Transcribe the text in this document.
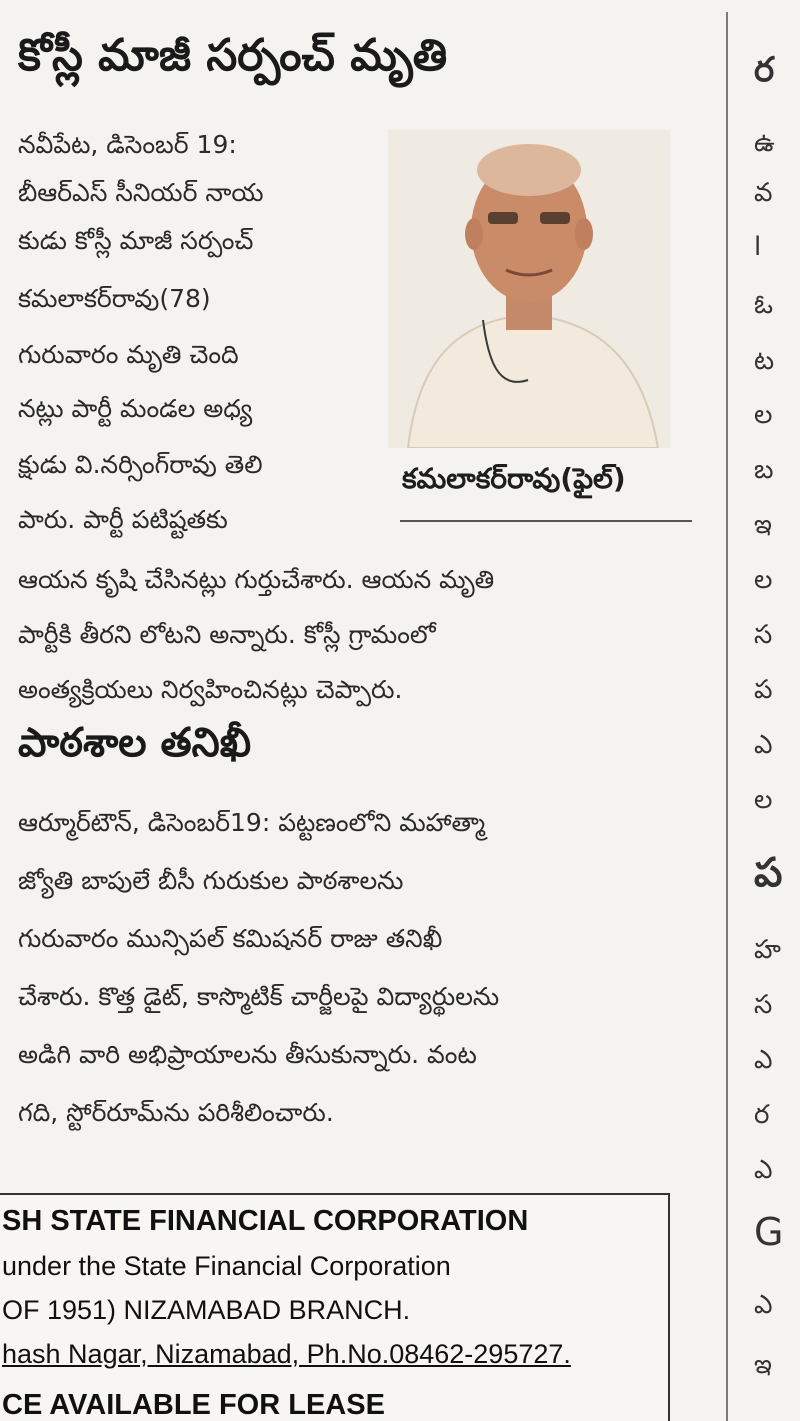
కోస్లీ మాజీ సర్పంచ్ మృతి
నవీపేట, డిసెంబర్ 19:
బీఆర్ఎస్ సీనియర్ నాయ
కుడు కోస్లీ మాజీ సర్పంచ్
కమలాకర్‌రావు(78)
గురువారం మృతి చెంది
నట్లు పార్టీ మండల అధ్య
క్షుడు వి.నర్సింగ్‌రావు తెలి
పారు. పార్టీ పటిష్టతకు
కమలాకర్‌రావు(ఫైల్)
ఆయన కృషి చేసినట్లు గుర్తుచేశారు. ఆయన మృతి
పార్టీకి తీరని లోటని అన్నారు. కోస్లీ గ్రామంలో
అంత్యక్రియలు నిర్వహించినట్లు చెప్పారు.
పాఠశాల తనిఖీ
ఆర్మూర్‌టౌన్, డిసెంబర్19: పట్టణంలోని మహాత్మా
జ్యోతి బాపులే బీసీ గురుకుల పాఠశాలను
గురువారం మున్సిపల్ కమిషనర్ రాజు తనిఖీ
చేశారు. కొత్త డైట్, కాస్మొటిక్ చార్జీలపై విద్యార్థులను
అడిగి వారి అభిప్రాయాలను తీసుకున్నారు. వంట
గది, స్టోర్‌రూమ్‌ను పరిశీలించారు.
SH STATE FINANCIAL CORPORATION
under the State Financial Corporation
OF 1951) NIZAMABAD BRANCH.
hash Nagar, Nizamabad, Ph.No.08462-295727.
CE AVAILABLE FOR LEASE
ర
ఉ
వ
l
ఓ
ట
ల
బ
ఇ
ల
స
ప
ఎ
ల
ప
హ
స
ఎ
ర
ఎ
G
ఎ
ఇ
